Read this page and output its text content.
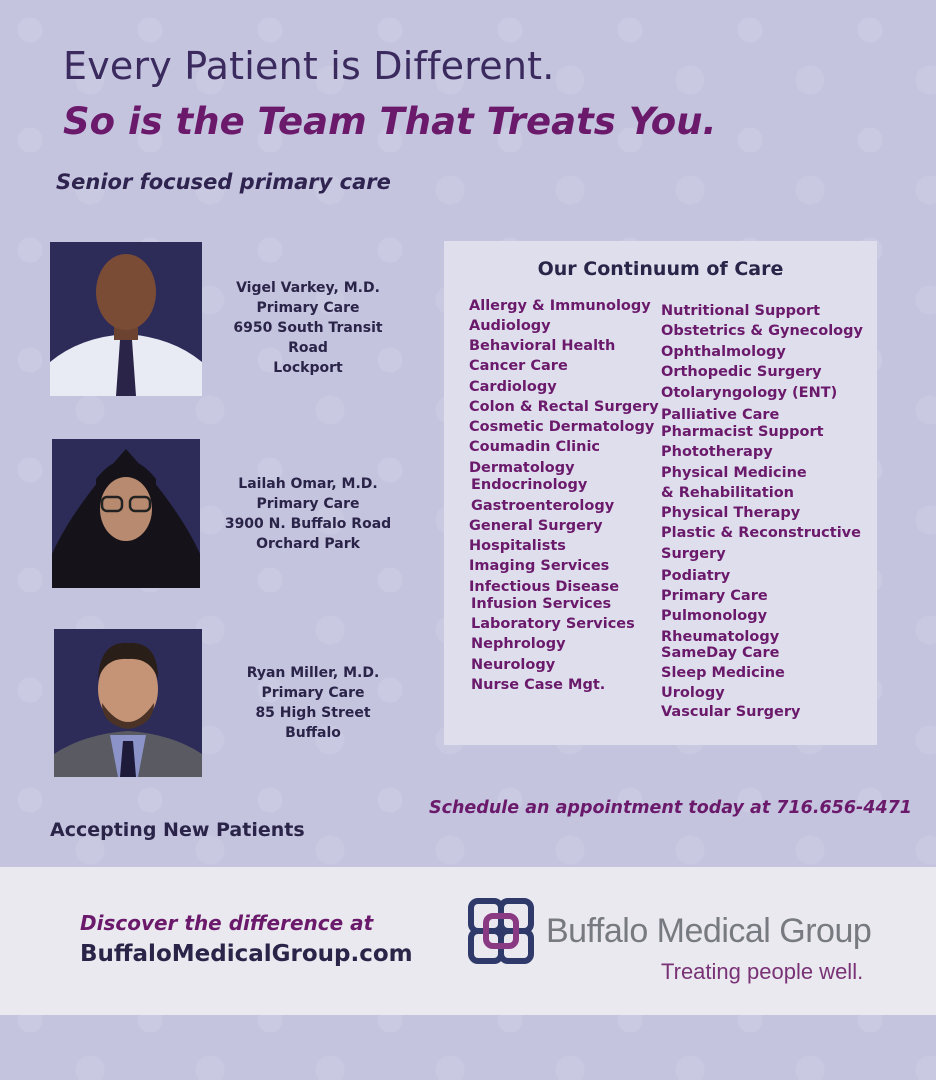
Every Patient is Different.
So is the Team That Treats You.
Senior focused primary care
Vigel Varkey, M.D.
Primary Care
6950 South Transit Road
Lockport
Lailah Omar, M.D.
Primary Care
3900 N. Buffalo Road
Orchard Park
Ryan Miller, M.D.
Primary Care
85 High Street
Buffalo
Our Continuum of Care
Allergy & Immunology
Audiology
Behavioral Health
Cancer Care
Cardiology
Colon & Rectal Surgery
Cosmetic Dermatology
Coumadin Clinic
Dermatology
Endocrinology
Gastroenterology
General Surgery
Hospitalists
Imaging Services
Infectious Disease
Infusion Services
Laboratory Services
Nephrology
Neurology
Nurse Case Mgt.
Nutritional Support
Obstetrics & Gynecology
Ophthalmology
Orthopedic Surgery
Otolaryngology (ENT)
Palliative Care
Pharmacist Support
Phototherapy
Physical Medicine
& Rehabilitation
Physical Therapy
Plastic & Reconstructive
Surgery
Podiatry
Primary Care
Pulmonology
Rheumatology
SameDay Care
Sleep Medicine
Urology
Vascular Surgery
Schedule an appointment today at 716.656-4471
Accepting New Patients
Discover the difference at
BuffaloMedicalGroup.com
Buffalo Medical Group
Treating people well.
